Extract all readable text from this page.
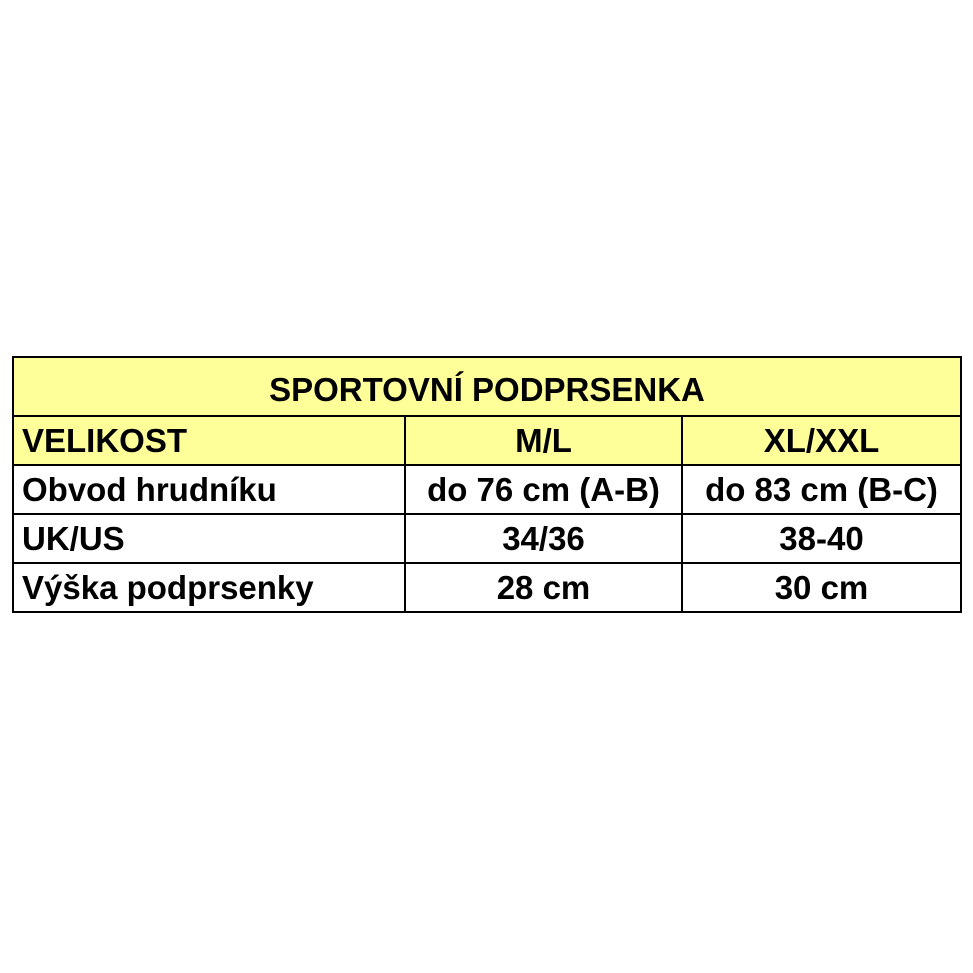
SPORTOVNÍ PODPRSENKA		
VELIKOST	M/L	XL/XXL
Obvod hrudníku	do 76 cm (A-B)	do 83 cm (B-C)
UK/US	34/36	38-40
Výška podprsenky	28 cm	30 cm
